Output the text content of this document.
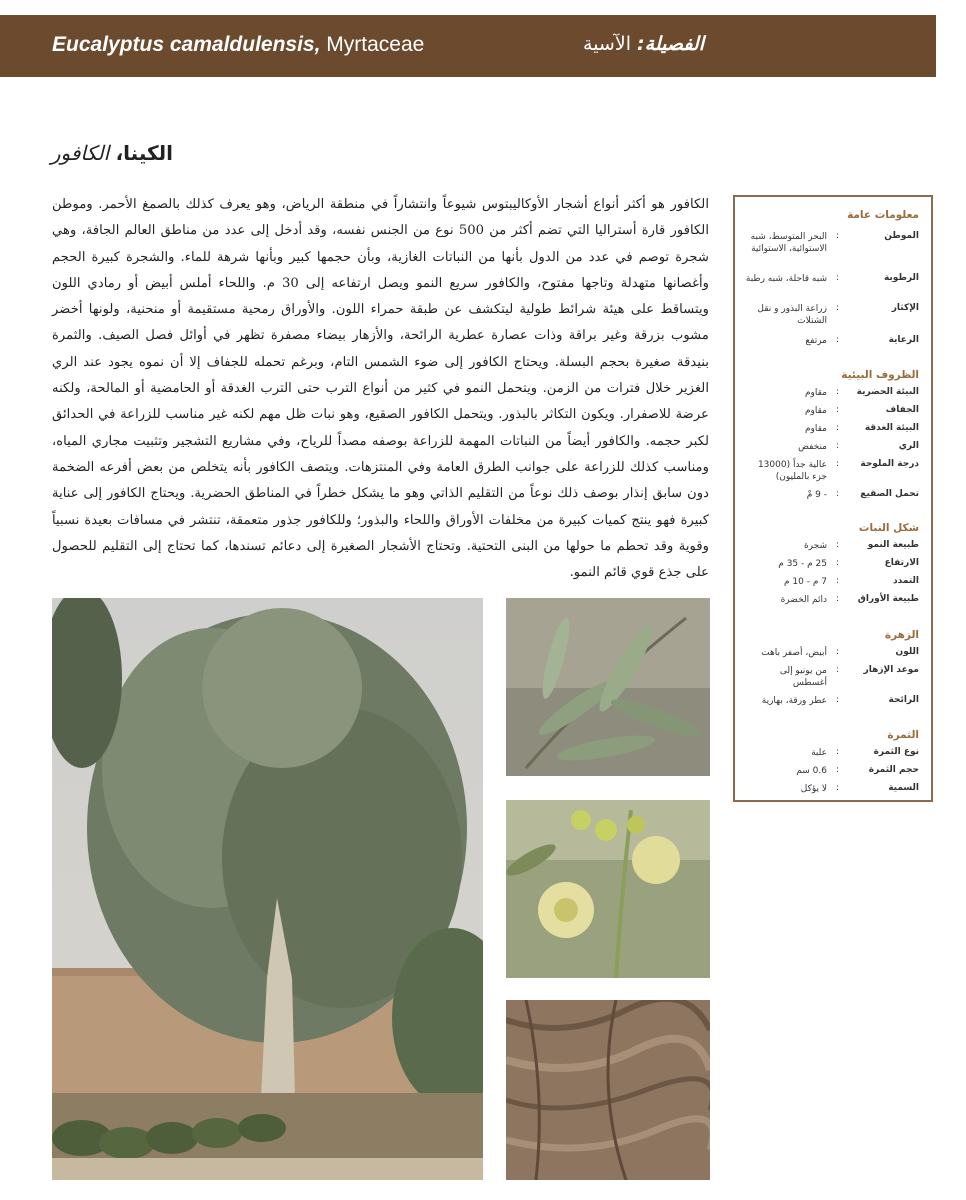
Eucalyptus camaldulensis, Myrtaceae	الفصيلة: الآسية
الكينا، الكافور
الكافور هو أكثر أنواع أشجار الأوكاليبتوس شيوعاً وانتشاراً في منطقة الرياض، وهو يعرف كذلك بالصمغ الأحمر. وموطن الكافور قارة أستراليا التي تضم أكثر من 500 نوع من الجنس نفسه، وقد أدخل إلى عدد من مناطق العالم الجافة، وهي شجرة توصم في عدد من الدول بأنها من النباتات الغازية، وبأن حجمها كبير وبأنها شرهة للماء. والشجرة كبيرة الحجم وأغصانها متهدلة وتاجها مفتوح، والكافور سريع النمو ويصل ارتفاعه إلى 30 م. واللحاء أملس أبيض أو رمادي اللون ويتساقط على هيئة شرائط طولية ليتكشف عن طبقة حمراء اللون. والأوراق رمحية مستقيمة أو منحنية، ولونها أخضر مشوب بزرقة وغير براقة وذات عصارة عطرية الرائحة، والأزهار بيضاء مصفرة تظهر في أوائل فصل الصيف. والثمرة بنيدقة صغيرة بحجم البسلة. ويحتاج الكافور إلى ضوء الشمس التام، وبرغم تحمله للجفاف إلا أن نموه يجود عند الري الغزير خلال فترات من الزمن. ويتحمل النمو في كثير من أنواع الترب حتى الترب الغدقة أو الحامضية أو المالحة، ولكنه عرضة للاصفرار. ويكون التكاثر بالبذور. ويتحمل الكافور الصقيع، وهو نبات ظل مهم لكنه غير مناسب للزراعة في الحدائق لكبر حجمه. والكافور أيضاً من النباتات المهمة للزراعة بوصفه مصداً للرياح، وفي مشاريع التشجير وتثبيت مجاري المياه، ومناسب كذلك للزراعة على جوانب الطرق العامة وفي المنتزهات. ويتصف الكافور بأنه يتخلص من بعض أفرعه الضخمة دون سابق إنذار بوصف ذلك نوعاً من التقليم الذاتي وهو ما يشكل خطراً في المناطق الحضرية. ويحتاج الكافور إلى عناية كبيرة فهو ينتج كميات كبيرة من مخلفات الأوراق واللحاء والبذور؛ وللكافور جذور متعمقة، تنتشر في مسافات بعيدة نسبياً وقوية وقد تحطم ما حولها من البنى التحتية. وتحتاج الأشجار الصغيرة إلى دعائم تسندها، كما تحتاج إلى التقليم للحصول على جذع قوي قائم النمو.
معلومات عامة
الموطن
:
البحر المتوسط، شبه الاستوائية، الاستوائية
الرطوبة
:
شبه قاحلة، شبه رطبة
الإكثار
:
زراعة البذور و نقل الشتلات
الرعاية
:
مرتفع
الظروف البيئية
البيئة الحضرية
:
مقاوم
الجفاف
:
مقاوم
البيئة الغدقة
:
مقاوم
الري
:
منخفض
درجة الملوحة
:
عالية جداً (13000 جزء بالمليون)
تحمل الصقيع
:
- 9 مْ
شكل النبات
طبيعة النمو
:
شجرة
الارتفاع
:
25 م - 35 م
التمدد
:
7 م - 10 م
طبيعة الأوراق
:
دائم الخضرة
الزهرة
اللون
:
أبيض، أصفر باهت
موعد الإزهار
:
من يونيو إلى أغسطس
الرائحة
:
عطر ورقة، بهارية
الثمرة
نوع الثمرة
:
علبة
حجم الثمرة
:
0.6 سم
السمية
:
لا يؤكل
